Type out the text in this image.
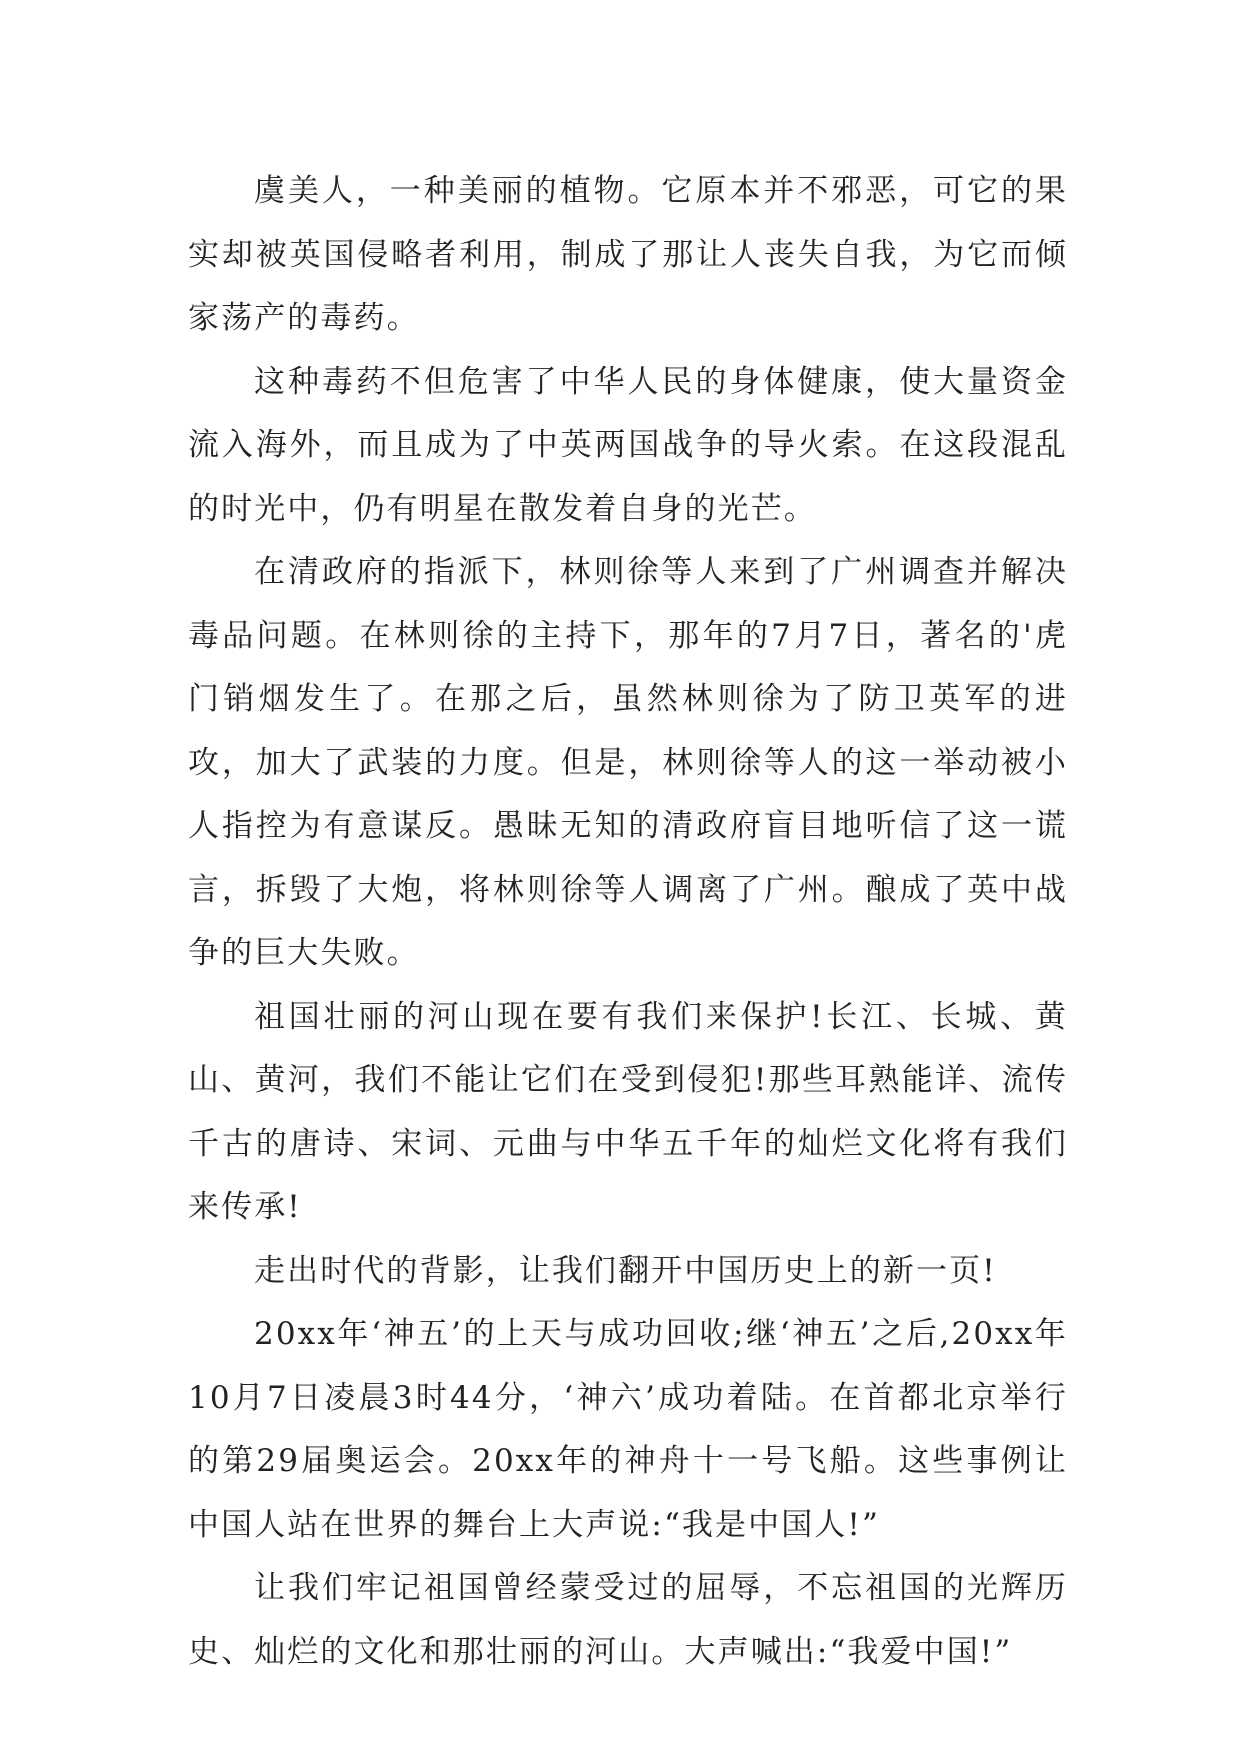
虞美人，一种美丽的植物。它原本并不邪恶，可它的果实却被英国侵略者利用，制成了那让人丧失自我，为它而倾家荡产的毒药。

这种毒药不但危害了中华人民的身体健康，使大量资金流入海外，而且成为了中英两国战争的导火索。在这段混乱的时光中，仍有明星在散发着自身的光芒。

在清政府的指派下，林则徐等人来到了广州调查并解决毒品问题。在林则徐的主持下，那年的7月7日，著名的'虎门销烟发生了。在那之后，虽然林则徐为了防卫英军的进攻，加大了武装的力度。但是，林则徐等人的这一举动被小人指控为有意谋反。愚昧无知的清政府盲目地听信了这一谎言，拆毁了大炮，将林则徐等人调离了广州。酿成了英中战争的巨大失败。

祖国壮丽的河山现在要有我们来保护!长江、长城、黄山、黄河，我们不能让它们在受到侵犯!那些耳熟能详、流传千古的唐诗、宋词、元曲与中华五千年的灿烂文化将有我们来传承!

走出时代的背影，让我们翻开中国历史上的新一页!

20xx年‘神五’的上天与成功回收;继‘神五’之后,20xx年10月7日凌晨3时44分，‘神六’成功着陆。在首都北京举行的第29届奥运会。20xx年的神舟十一号飞船。这些事例让中国人站在世界的舞台上大声说:“我是中国人!”

让我们牢记祖国曾经蒙受过的屈辱，不忘祖国的光辉历史、灿烂的文化和那壮丽的河山。大声喊出:“我爱中国!”
